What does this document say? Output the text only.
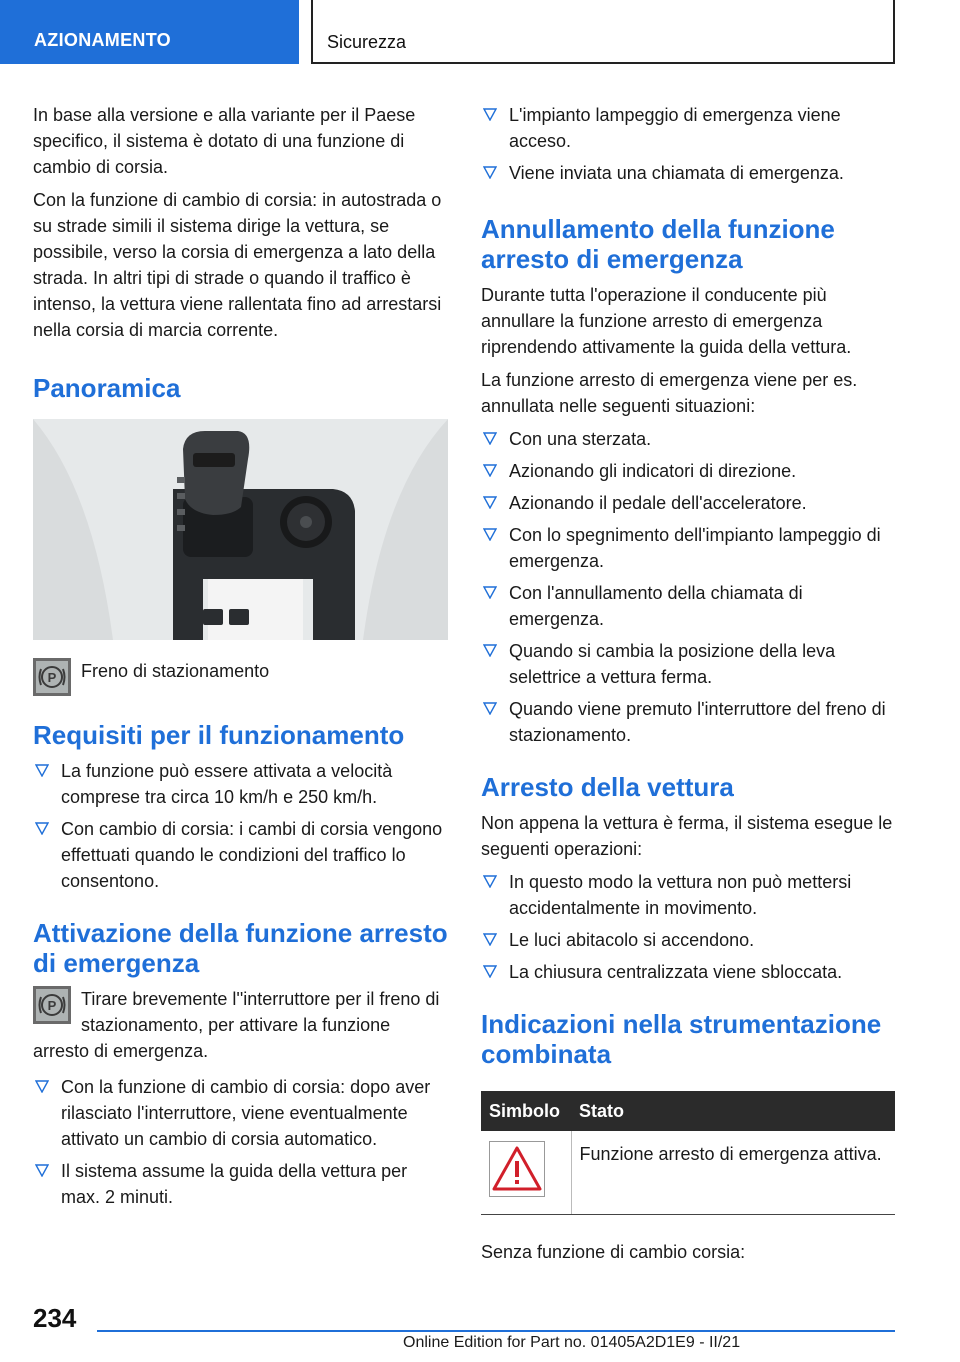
AZIONAMENTO	Sicurezza

In base alla versione e alla variante per il Paese specifico, il sistema è dotato di una funzione di cambio di corsia.

Con la funzione di cambio di corsia: in autostrada o su strade simili il sistema dirige la vettura, se possibile, verso la corsia di emergenza a lato della strada. In altri tipi di strade o quando il traffico è intenso, la vettura viene rallentata fino ad arrestarsi nella corsia di marcia corrente.

Panoramica
P Freno di stazionamento
Requisiti per il funzionamento
La funzione può essere attivata a velocità comprese tra circa 10 km/h e 250 km/h.
Con cambio di corsia: i cambi di corsia vengono effettuati quando le condizioni del traffico lo consentono.
Attivazione della funzione arresto di emergenza
P	Tirare brevemente l''interruttore per il freno di stazionamento, per attivare la funzione arresto di emergenza.

Con la funzione di cambio di corsia: dopo aver rilasciato l'interruttore, viene eventualmente attivato un cambio di corsia automatico.
Il sistema assume la guida della vettura per max. 2 minuti.
L'impianto lampeggio di emergenza viene acceso.
Viene inviata una chiamata di emergenza.
Annullamento della funzione arresto di emergenza

Durante tutta l'operazione il conducente più annullare la funzione arresto di emergenza riprendendo attivamente la guida della vettura.

La funzione arresto di emergenza viene per es. annullata nelle seguenti situazioni:

Con una sterzata.
Azionando gli indicatori di direzione.
Azionando il pedale dell'acceleratore.
Con lo spegnimento dell'impianto lampeggio di emergenza.
Con l'annullamento della chiamata di emergenza.
Quando si cambia la posizione della leva selettrice a vettura ferma.
Quando viene premuto l'interruttore del freno di stazionamento.
Arresto della vettura

Non appena la vettura è ferma, il sistema esegue le seguenti operazioni:

In questo modo la vettura non può mettersi accidentalmente in movimento.
Le luci abitacolo si accendono.
La chiusura centralizzata viene sbloccata.
Indicazioni nella strumentazione combinata
Simbolo	Stato
	Funzione arresto di emergenza attiva.

Senza funzione di cambio corsia:

234
Online Edition for Part no. 01405A2D1E9 - II/21
